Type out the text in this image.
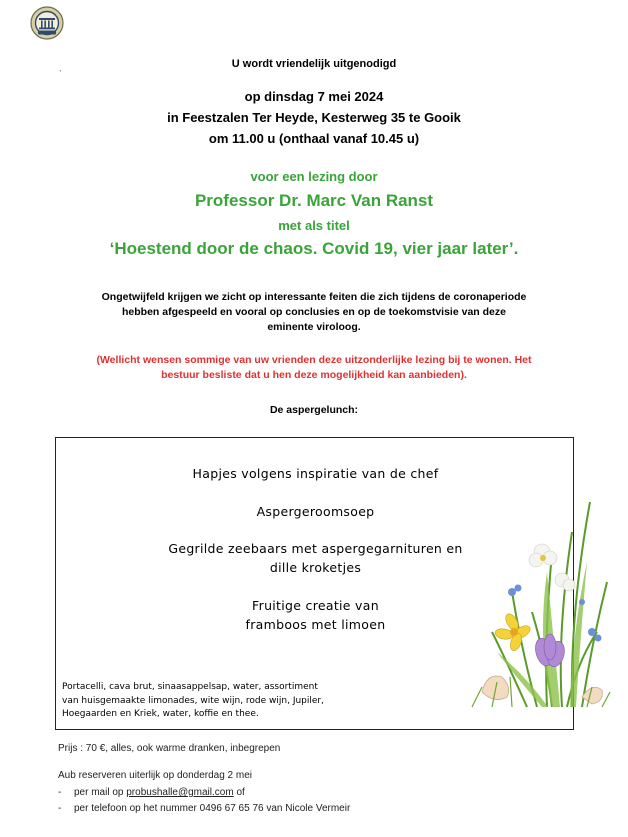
U wordt vriendelijk uitgenodigd
'
op dinsdag 7 mei 2024
in Feestzalen Ter Heyde, Kesterweg 35 te Gooik
om 11.00 u (onthaal vanaf 10.45 u)
voor een lezing door
Professor Dr. Marc Van Ranst
met als titel
‘Hoestend door de chaos. Covid 19, vier jaar later’.
Ongetwijfeld krijgen we zicht op interessante feiten die zich tijdens de coronaperiode
hebben afgespeeld en vooral op conclusies en op de toekomstvisie van deze
eminente viroloog.
(Wellicht wensen sommige van uw vrienden deze uitzonderlijke lezing bij te wonen. Het
bestuur besliste dat u hen deze mogelijkheid kan aanbieden).
De aspergelunch:
Hapjes volgens inspiratie van de chef
Aspergeroomsoep
Gegrilde zeebaars met aspergegarnituren en
dille kroketjes
Fruitige creatie van
framboos met limoen
Portacelli, cava brut, sinaasappelsap, water, assortiment
van huisgemaakte limonades, wite wijn, rode wijn, Jupiler,
Hoegaarden en Kriek, water, koffie en thee.
Prijs : 70 €, alles, ook warme dranken, inbegrepen
Aub reserveren uiterlijk op donderdag 2 mei
- per mail op probushalle@gmail.com of
- per telefoon op het nummer 0496 67 65 76 van Nicole Vermeir
